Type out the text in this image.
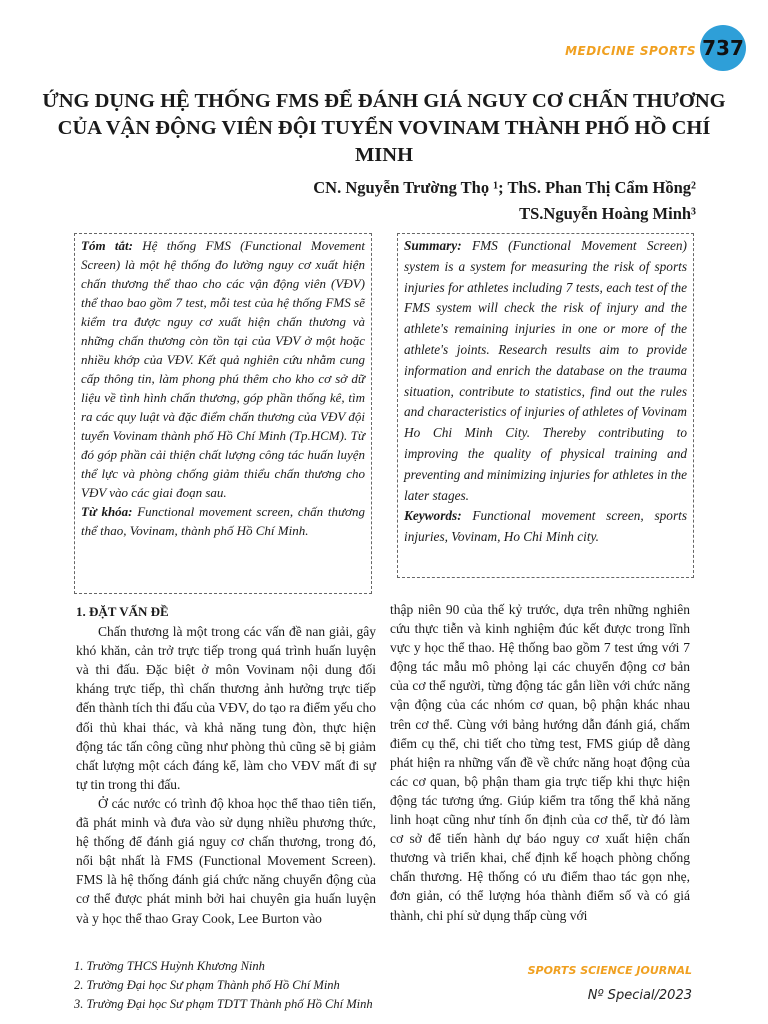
MEDICINE SPORTS 737
ỨNG DỤNG HỆ THỐNG FMS ĐỂ ĐÁNH GIÁ NGUY CƠ CHẤN THƯƠNG CỦA VẬN ĐỘNG VIÊN ĐỘI TUYỂN VOVINAM THÀNH PHỐ HỒ CHÍ MINH
CN. Nguyễn Trường Thọ ¹; ThS. Phan Thị Cẩm Hồng²
TS.Nguyễn Hoàng Minh³
Tóm tắt: Hệ thống FMS (Functional Movement Screen) là một hệ thống đo lường nguy cơ xuất hiện chấn thương thể thao cho các vận động viên (VĐV) thể thao bao gồm 7 test, mỗi test của hệ thống FMS sẽ kiểm tra được nguy cơ xuất hiện chấn thương và những chấn thương còn tồn tại của VĐV ở một hoặc nhiều khớp của VĐV. Kết quả nghiên cứu nhằm cung cấp thông tin, làm phong phú thêm cho kho cơ sở dữ liệu về tình hình chấn thương, góp phần thống kê, tìm ra các quy luật và đặc điểm chấn thương của VĐV đội tuyển Vovinam thành phố Hồ Chí Minh (Tp.HCM). Từ đó góp phần cải thiện chất lượng công tác huấn luyện thể lực và phòng chống giảm thiểu chấn thương cho VĐV vào các giai đoạn sau.
Từ khóa: Functional movement screen, chấn thương thể thao, Vovinam, thành phố Hồ Chí Minh.
Summary: FMS (Functional Movement Screen) system is a system for measuring the risk of sports injuries for athletes including 7 tests, each test of the FMS system will check the risk of injury and the athlete's remaining injuries in one or more of the athlete's joints. Research results aim to provide information and enrich the database on the trauma situation, contribute to statistics, find out the rules and characteristics of injuries of athletes of Vovinam Ho Chi Minh City. Thereby contributing to improving the quality of physical training and preventing and minimizing injuries for athletes in the later stages.
Keywords: Functional movement screen, sports injuries, Vovinam, Ho Chi Minh city.

1. ĐẶT VẤN ĐỀ

Chấn thương là một trong các vấn đề nan giải, gây khó khăn, cản trở trực tiếp trong quá trình huấn luyện và thi đấu. Đặc biệt ở môn Vovinam nội dung đối kháng trực tiếp, thì chấn thương ảnh hưởng trực tiếp đến thành tích thi đấu của VĐV, do tạo ra điểm yếu cho đối thủ khai thác, và khả năng tung đòn, thực hiện động tác tấn công cũng như phòng thủ cũng sẽ bị giảm chất lượng một cách đáng kể, làm cho VĐV mất đi sự tự tin trong thi đấu.

Ở các nước có trình độ khoa học thể thao tiên tiến, đã phát minh và đưa vào sử dụng nhiều phương thức, hệ thống để đánh giá nguy cơ chấn thương, trong đó, nổi bật nhất là FMS (Functional Movement Screen). FMS là hệ thống đánh giá chức năng chuyển động của cơ thể được phát minh bởi hai chuyên gia huấn luyện và y học thể thao Gray Cook, Lee Burton vào

thập niên 90 của thế kỷ trước, dựa trên những nghiên cứu thực tiễn và kinh nghiệm đúc kết được trong lĩnh vực y học thể thao. Hệ thống bao gồm 7 test ứng với 7 động tác mẫu mô phỏng lại các chuyển động cơ bản của cơ thể người, từng động tác gắn liền với chức năng vận động của các nhóm cơ quan, bộ phận khác nhau trên cơ thể. Cùng với bảng hướng dẫn đánh giá, chấm điểm cụ thể, chi tiết cho từng test, FMS giúp dễ dàng phát hiện ra những vấn đề về chức năng hoạt động của các cơ quan, bộ phận tham gia trực tiếp khi thực hiện động tác tương ứng. Giúp kiểm tra tổng thể khả năng linh hoạt cũng như tính ổn định của cơ thể, từ đó làm cơ sở để tiến hành dự báo nguy cơ xuất hiện chấn thương và triển khai, chế định kế hoạch phòng chống chấn thương. Hệ thống có ưu điểm thao tác gọn nhẹ, đơn giản, có thể lượng hóa thành điểm số và có giá thành, chi phí sử dụng thấp cùng với

1. Trường THCS Huỳnh Khương Ninh
2. Trường Đại học Sư phạm Thành phố Hồ Chí Minh
3. Trường Đại học Sư phạm TDTT Thành phố Hồ Chí Minh
SPORTS SCIENCE JOURNAL
Nº Special/2023
